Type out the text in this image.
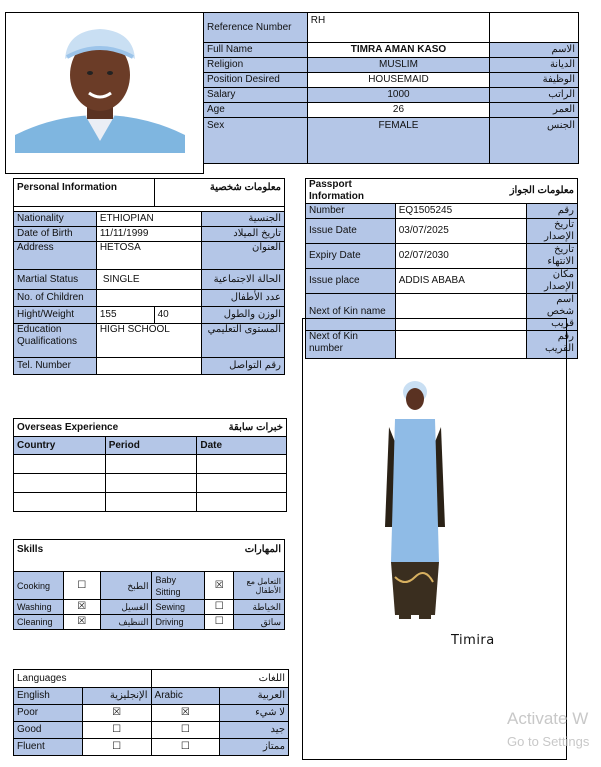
Reference Number	RH	
Full Name	TIMRA AMAN KASO	الاسم
Religion	MUSLIM	الديانة
Position Desired	HOUSEMAID	الوظيفة
Salary	1000	الراتب
Age	26	العمر
Sex	FEMALE	الجنس
Personal Information		معلومات شخصية	

Nationality	ETHIOPIAN		الجنسية
Date of Birth	11/11/1999		تاريخ الميلاد
Address	HETOSA		العنوان
Martial Status	SINGLE		الحالة الاجتماعية
No. of Children			عدد الأطفال
Hight/Weight	155	40	الوزن والطول
Education Qualifications	HIGH SCHOOL		المستوى التعليمي
Tel. Number			رقم التواصل
Passport Information	معلومات الجواز	
Number	EQ1505245	رقم
Issue Date	03/07/2025	تاريخ الإصدار
Expiry Date	02/07/2030	تاريخ الانتهاء
Issue place	ADDIS ABABA	مكان الإصدار
Next of Kin name		اسم شخص قريب
Next of Kin number		رقم القريب
Timira
Overseas Experience		خبرات سابقة
Country	Period	Date

Skills			المهارات		
Cooking	☐	الطبخ	Baby Sitting	☒	التعامل مع الأطفال
Washing	☒	الغسيل	Sewing	☐	الخياطة
Cleaning	☒	التنظيف	Driving	☐	سائق
Languages		اللغات	
English	الإنجليزية	Arabic	العربية
Poor	☒	☒	لا شيء
Good	☐	☐	جيد
Fluent	☐	☐	ممتاز
Activate W
Go to Settings
